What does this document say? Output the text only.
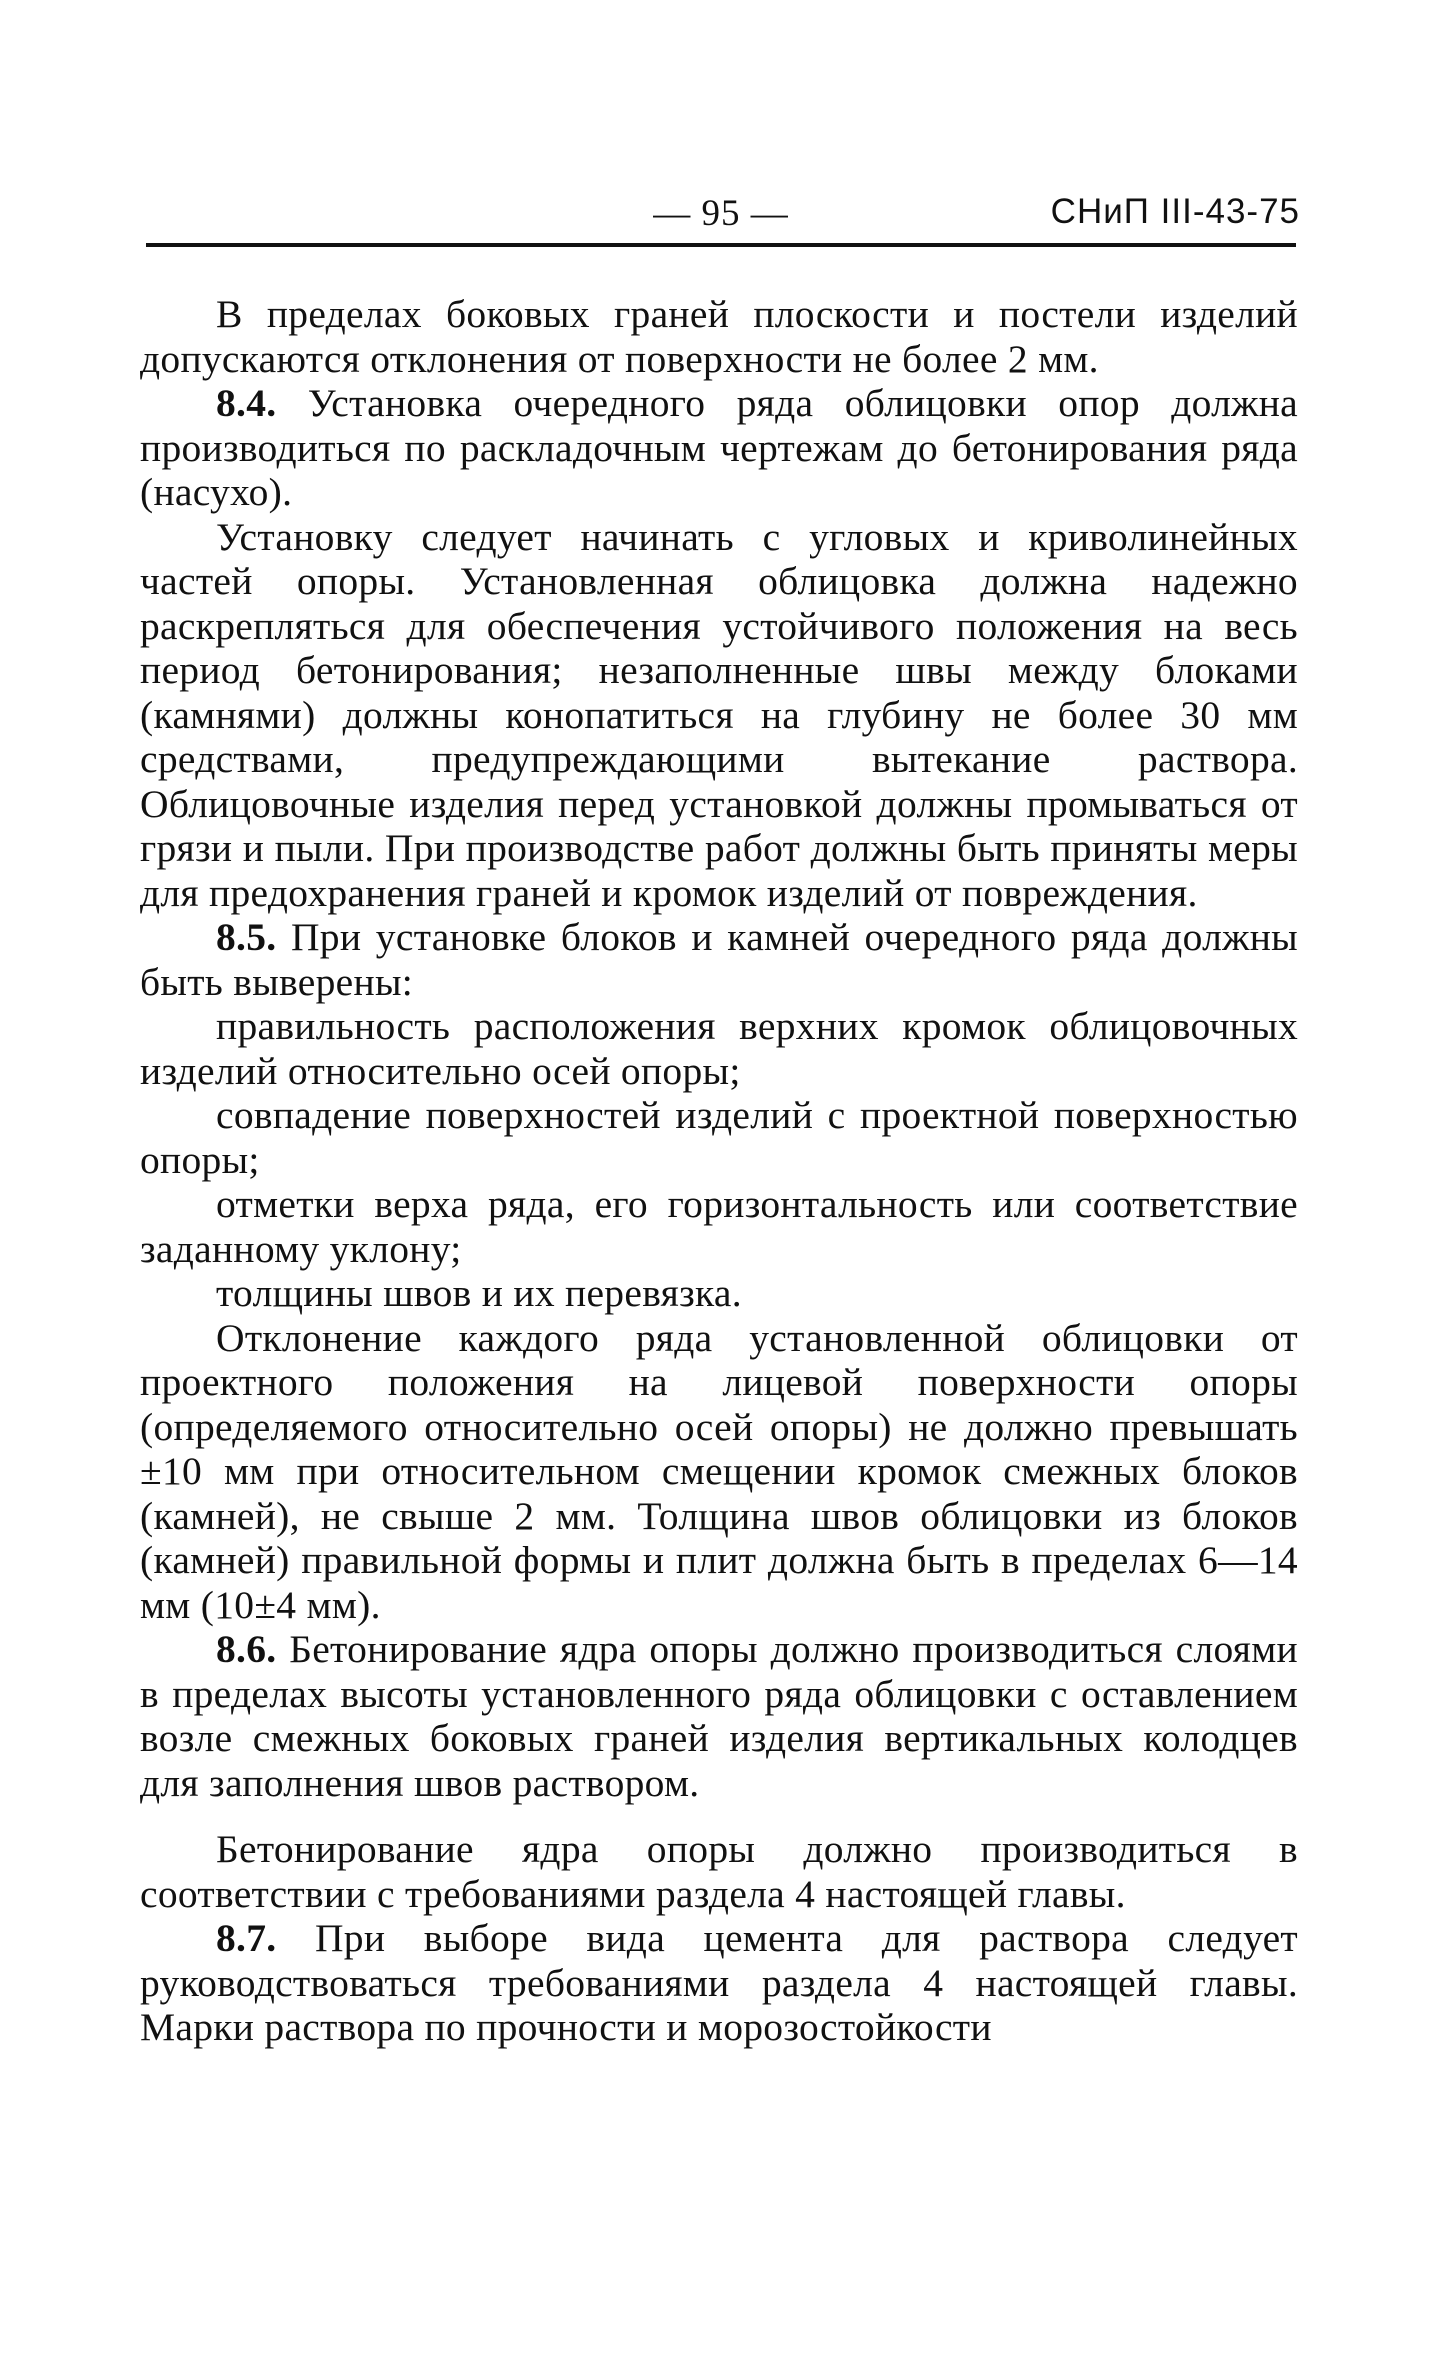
— 95 —	СНиП III-43-75

В пределах боковых граней плоскости и постели изделий допускаются отклонения от поверхности не более 2 мм.

8.4. Установка очередного ряда облицовки опор должна производиться по раскладочным чертежам до бетонирования ряда (насухо).

Установку следует начинать с угловых и криволинейных частей опоры. Установленная облицовка должна надежно раскрепляться для обеспечения устойчивого положения на весь период бетонирования; незаполненные швы между блоками (камнями) должны конопатиться на глубину не более 30 мм средствами, предупреждающими вытекание раствора. Облицовочные изделия перед установкой должны промываться от грязи и пыли. При производстве работ должны быть приняты меры для предохранения граней и кромок изделий от повреждения.

8.5. При установке блоков и камней очередного ряда должны быть выверены:

правильность расположения верхних кромок облицовочных изделий относительно осей опоры;

совпадение поверхностей изделий с проектной поверхностью опоры;

отметки верха ряда, его горизонтальность или соответствие заданному уклону;

толщины швов и их перевязка.

Отклонение каждого ряда установленной облицовки от проектного положения на лицевой поверхности опоры (определяемого относительно осей опоры) не должно превышать ±10 мм при относительном смещении кромок смежных блоков (камней), не свыше 2 мм. Толщина швов облицовки из блоков (камней) правильной формы и плит должна быть в пределах 6—14 мм (10±4 мм).

8.6. Бетонирование ядра опоры должно производиться слоями в пределах высоты установленного ряда облицовки с оставлением возле смежных боковых граней изделия вертикальных колодцев для заполнения швов раствором.

Бетонирование ядра опоры должно производиться в соответствии с требованиями раздела 4 настоящей главы.

8.7. При выборе вида цемента для раствора следует руководствоваться требованиями раздела 4 настоящей главы. Марки раствора по прочности и морозостойкости
